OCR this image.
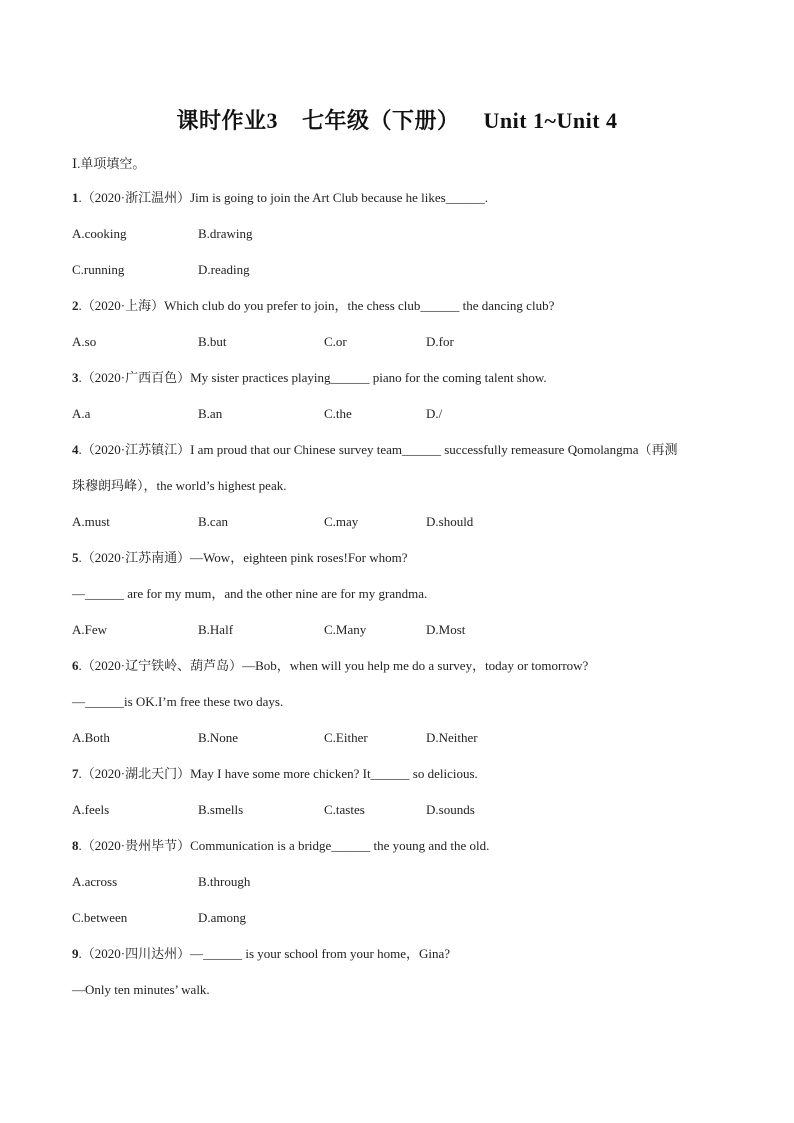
课时作业3    七年级（下册）    Unit 1~Unit 4
Ⅰ.单项填空。
1.（2020·浙江温州）Jim is going to join the Art Club because he likes______.
A.cooking	B.drawing
C.running	D.reading
2.（2020·上海）Which club do you prefer to join，the chess club______ the dancing club?
A.so	B.but	C.or	D.for
3.（2020·广西百色）My sister practices playing______ piano for the coming talent show.
A.a	B.an	C.the	D./
4.（2020·江苏镇江）I am proud that our Chinese survey team______ successfully remeasure Qomolangma（再测
珠穆朗玛峰），the world’s highest peak.
A.must	B.can	C.may	D.should
5.（2020·江苏南通）—Wow，eighteen pink roses!For whom?
—______ are for my mum，and the other nine are for my grandma.
A.Few	B.Half	C.Many	D.Most
6.（2020·辽宁铁岭、葫芦岛）—Bob，when will you help me do a survey，today or tomorrow?
—______is OK.I’m free these two days.
A.Both	B.None	C.Either	D.Neither
7.（2020·湖北天门）May I have some more chicken? It______ so delicious.
A.feels	B.smells	C.tastes	D.sounds
8.（2020·贵州毕节）Communication is a bridge______ the young and the old.
A.across	B.through
C.between	D.among
9.（2020·四川达州）—______ is your school from your home，Gina?
—Only ten minutes’ walk.
